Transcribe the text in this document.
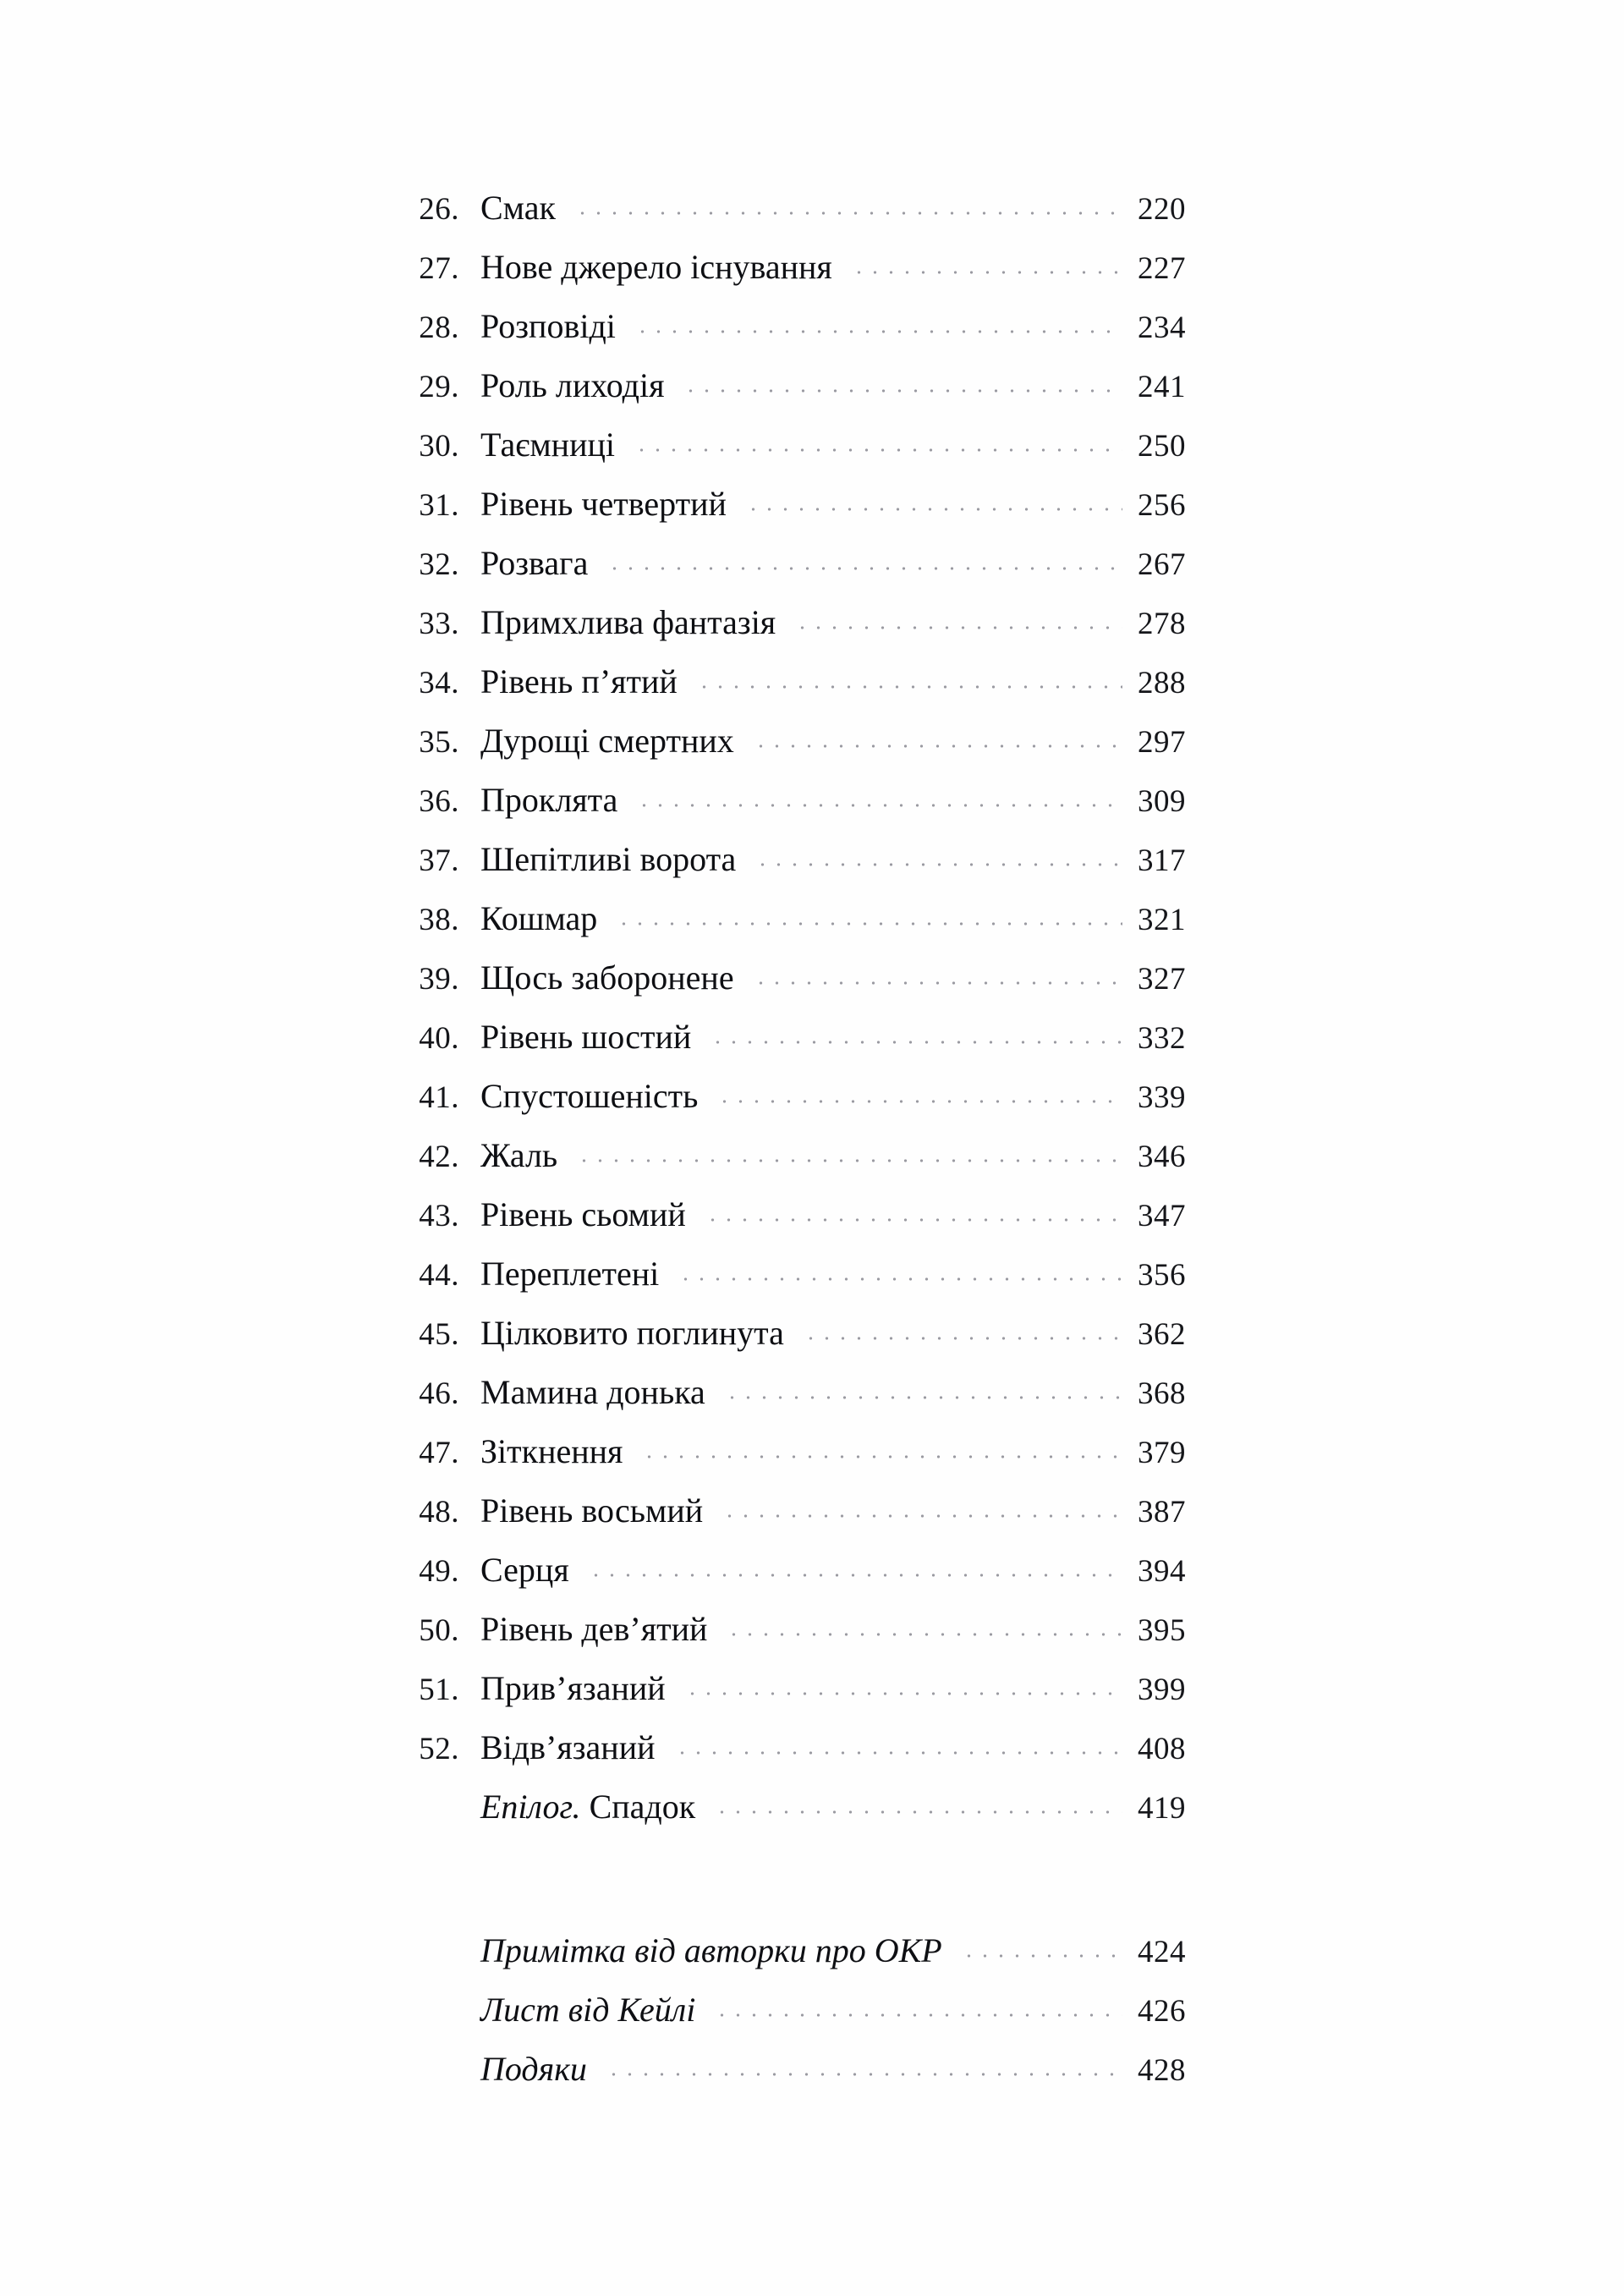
26. Смак	220
27. Нове джерело існування	227
28. Розповіді	234
29. Роль лиходія	241
30. Таємниці	250
31. Рівень четвертий	256
32. Розвага	267
33. Примхлива фантазія	278
34. Рівень п’ятий	288
35. Дурощі смертних	297
36. Проклята	309
37. Шепітливі ворота	317
38. Кошмар	321
39. Щось заборонене	327
40. Рівень шостий	332
41. Спустошеність	339
42. Жаль	346
43. Рівень сьомий	347
44. Переплетені	356
45. Цілковито поглинута	362
46. Мамина донька	368
47. Зіткнення	379
48. Рівень восьмий	387
49. Серця	394
50. Рівень дев’ятий	395
51. Прив’язаний	399
52. Відв’язаний	408
Епілог. Спадок	419
Примітка від авторки про ОКР	424
Лист від Кейлі	426
Подяки	428
